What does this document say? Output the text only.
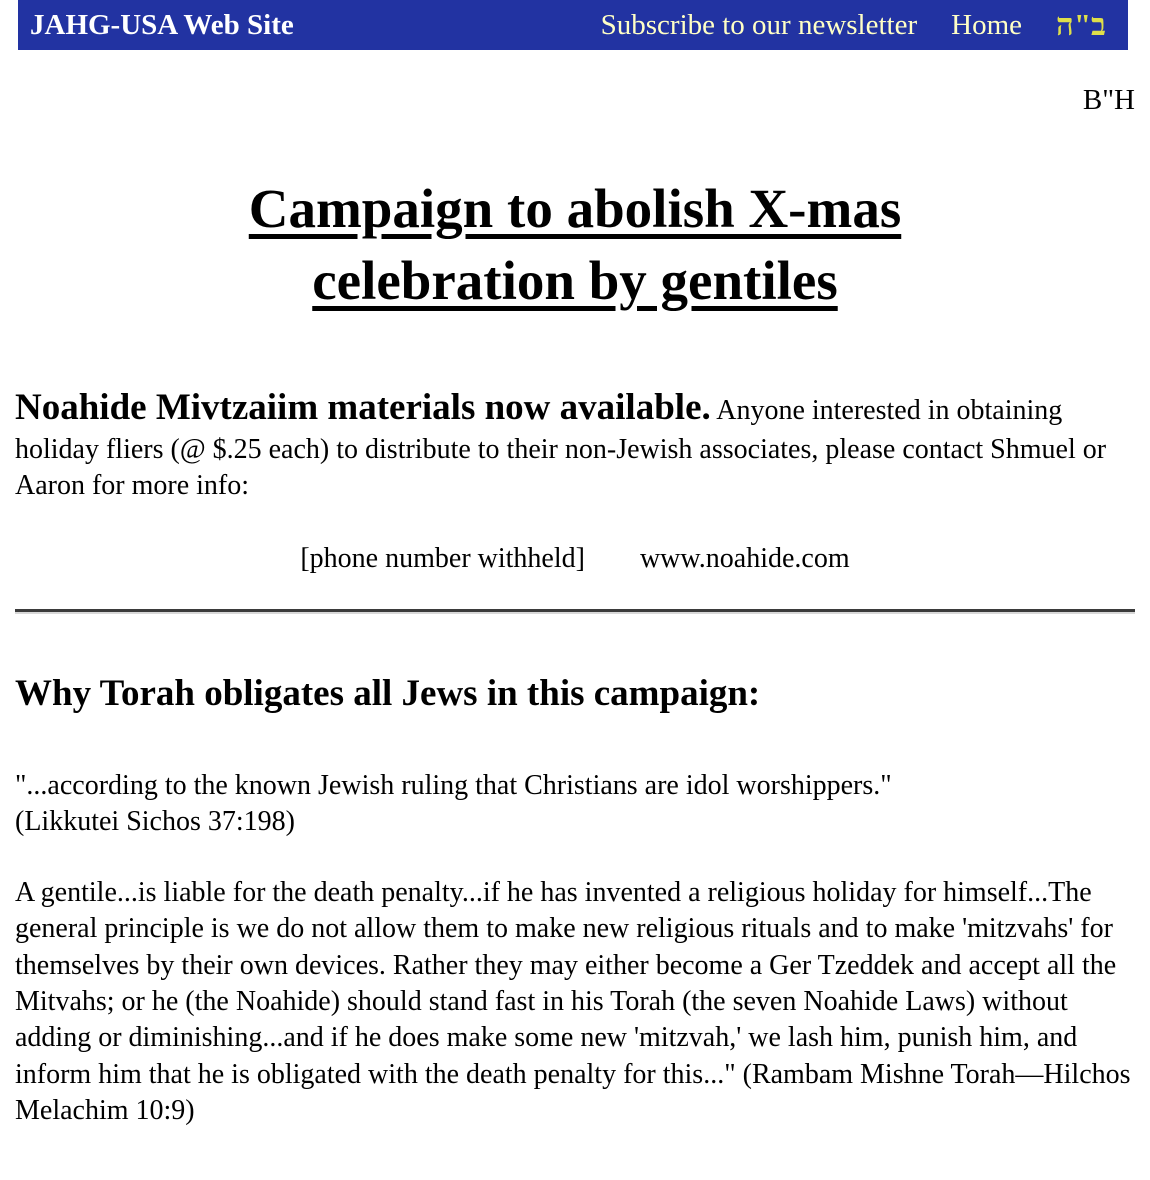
JAHG-USA Web Site	Subscribe to our newsletter Home ב"ה
B"H
Campaign to abolish X-mas
celebration by gentiles

Noahide Mivtzaiim materials now available. Anyone interested in obtaining holiday fliers (@ $.25 each) to distribute to their non-Jewish associates, please contact Shmuel or Aaron for more info:

[phone number withheld] www.noahide.com

Why Torah obligates all Jews in this campaign:

"...according to the known Jewish ruling that Christians are idol worshippers."
(Likkutei Sichos 37:198)

A gentile...is liable for the death penalty...if he has invented a religious holiday for himself...The general principle is we do not allow them to make new religious rituals and to make 'mitzvahs' for themselves by their own devices. Rather they may either become a Ger Tzeddek and accept all the Mitvahs; or he (the Noahide) should stand fast in his Torah (the seven Noahide Laws) without adding or diminishing...and if he does make some new 'mitzvah,' we lash him, punish him, and inform him that he is obligated with the death penalty for this..." (Rambam Mishne Torah—Hilchos Melachim 10:9)
